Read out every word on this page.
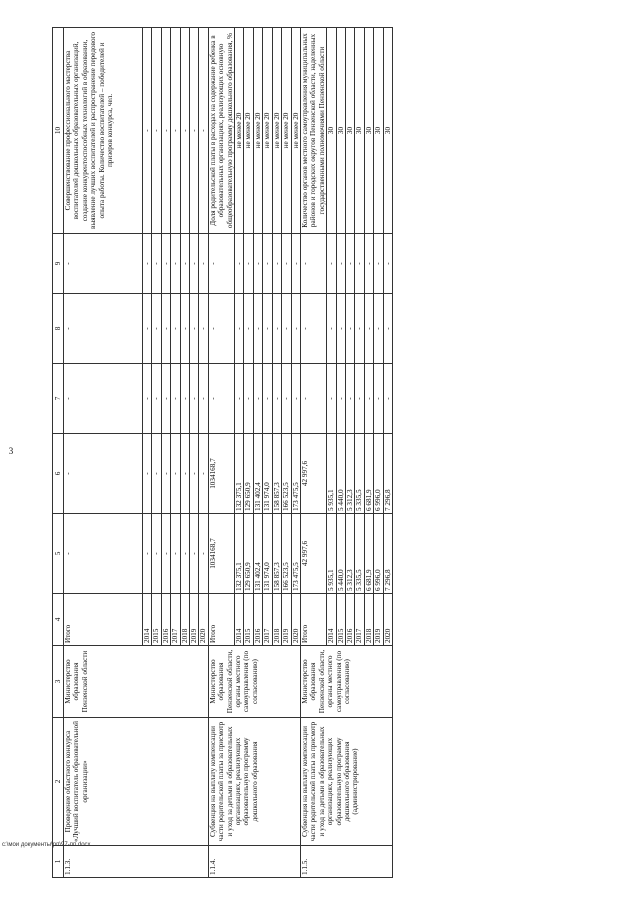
3
1	2	3	4	5	6	7	8	9	10
1.1.3.	Проведение областного конкурса «Лучший воспитатель образовательной организации»	Министерство образования Пензенской области	Итого	-	-	-	-	-	Совершенствование профессионального мастерства воспитателей дошкольных образовательных организаций, создание конкурентоспособных технологий в образовании, выявление лучших воспитателей и распространение передового опыта работы. Количество воспитателей – победителей и призеров конкурса, чел.
			2014	-	-	-	-	-	-
			2015	-	-	-	-	-	-
			2016	-	-	-	-	-	-
			2017	-	-	-	-	-	-
			2018	-	-	-	-	-	-
			2019	-	-	-	-	-	-
			2020	-	-	-	-	-	-
1.1.4.	Субвенция на выплату компенсации части родительской платы за присмотр и уход за детьми в образовательных организациях, реализующих образовательную программу дошкольного образования	Министерство образования Пензенской области, органы местного самоуправления (по согласованию)	Итого	1034168,7	1034168,7	-	-	-	Доля родительской платы в расходах на содержание ребенка в образовательных организациях, реализующих основную общеобразовательную программу дошкольного образования, %
			2014	132 375,1	132 375,1	-	-	-	не менее 20
			2015	129 650,9	129 650,9	-	-	-	не менее 20
			2016	131 402,4	131 402,4	-	-	-	не менее 20
			2017	131 974,0	131 974,0	-	-	-	не менее 20
			2018	158 857,3	158 857,3	-	-	-	не менее 20
			2019	166 523,5	166 523,5	-	-	-	не менее 20
			2020	173 475,5	173 475,5	-	-	-	не менее 20
1.1.5.	Субвенция на выплату компенсации части родительской платы за присмотр и уход за детьми в образовательных организациях, реализующих образовательную программу дошкольного образования (администрирование)	Министерство образования Пензенской области, органы местного самоуправления (по согласованию)	Итого	42 997,6	42 997,6	-	-	-	Количество органов местного самоуправления муниципальных районов и городских округов Пензенской области, наделенных государственными полномочиями Пензенской области
			2014	5 935,1	5 935,1	-	-	-	30
			2015	5 440,0	5 440,0	-	-	-	30
			2016	5 312,3	5 312,3	-	-	-	30
			2017	5 335,5	5 335,5	-	-	-	30
			2018	6 681,9	6 681,9	-	-	-	30
			2019	6 996,0	6 996,0	-	-	-	30
			2020	7 296,8	7 296,8	-	-	-	30
c:\мои документы\рп\97-пп.docx
